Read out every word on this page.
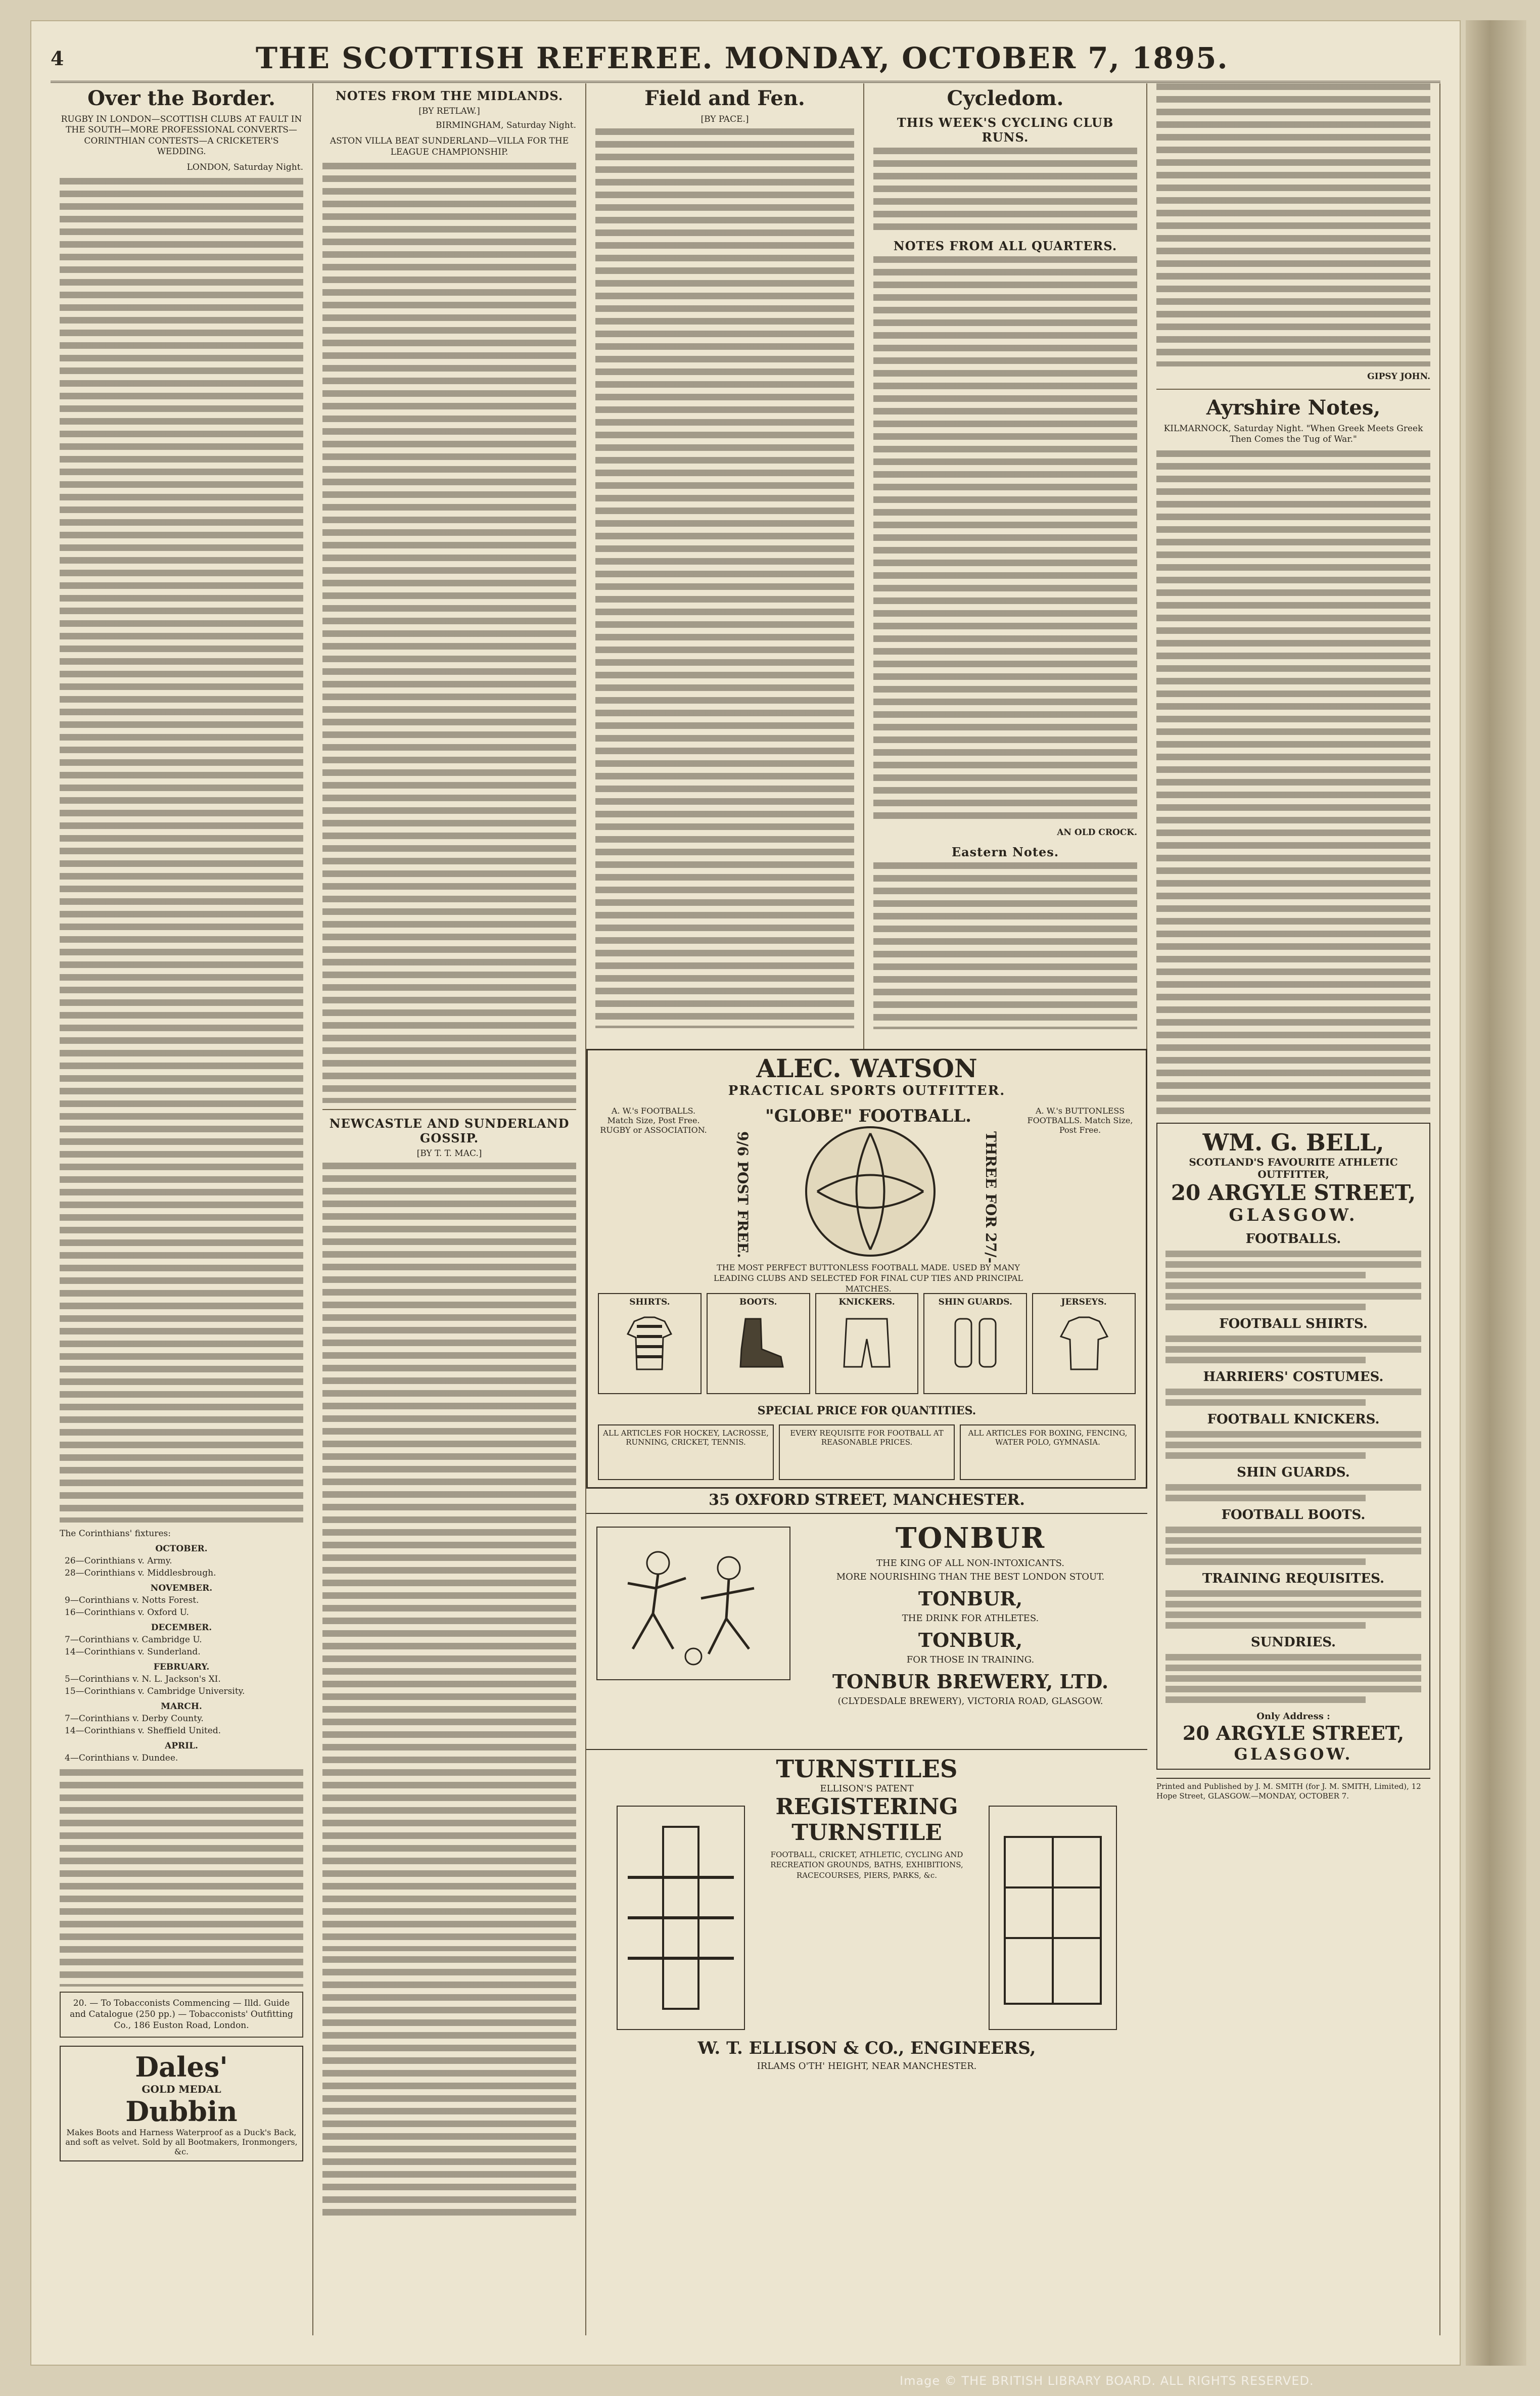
4	THE SCOTTISH REFEREE. MONDAY, OCTOBER 7, 1895.
Over the Border.
RUGBY IN LONDON—SCOTTISH CLUBS AT FAULT IN THE SOUTH—MORE PROFESSIONAL CONVERTS—CORINTHIAN CONTESTS—A CRICKETER'S WEDDING.
LONDON, Saturday Night.
The Corinthians' fixtures:
OCTOBER.
26—Corinthians v. Army.
28—Corinthians v. Middlesbrough.
NOVEMBER.
9—Corinthians v. Notts Forest.
16—Corinthians v. Oxford U.
DECEMBER.
7—Corinthians v. Cambridge U.
14—Corinthians v. Sunderland.
FEBRUARY.
5—Corinthians v. N. L. Jackson's XI.
15—Corinthians v. Cambridge University.
MARCH.
7—Corinthians v. Derby County.
14—Corinthians v. Sheffield United.
APRIL.
4—Corinthians v. Dundee.
20. — To Tobacconists Commencing — Illd. Guide and Catalogue (250 pp.) — Tobacconists' Outfitting Co., 186 Euston Road, London.
Dales'
GOLD MEDAL
Dubbin
Makes Boots and Harness Waterproof as a Duck's Back, and soft as velvet. Sold by all Bootmakers, Ironmongers, &c.
NOTES FROM THE MIDLANDS.
[BY RETLAW.]
BIRMINGHAM, Saturday Night.
ASTON VILLA BEAT SUNDERLAND—VILLA FOR THE LEAGUE CHAMPIONSHIP.
NEWCASTLE AND SUNDERLAND GOSSIP.
[BY T. T. MAC.]
Field and Fen.
[BY PACE.]
Cycledom.
THIS WEEK'S CYCLING CLUB RUNS.
NOTES FROM ALL QUARTERS.
AN OLD CROCK.
Eastern Notes.
GIPSY JOHN.
Ayrshire Notes,
KILMARNOCK, Saturday Night. "When Greek Meets Greek Then Comes the Tug of War."
WM. G. BELL,
SCOTLAND'S FAVOURITE ATHLETIC OUTFITTER,
20 ARGYLE STREET,
GLASGOW.
FOOTBALLS.
FOOTBALL SHIRTS.
HARRIERS' COSTUMES.
FOOTBALL KNICKERS.
SHIN GUARDS.
FOOTBALL BOOTS.
TRAINING REQUISITES.
SUNDRIES.
Only Address :
20 ARGYLE STREET,
GLASGOW.
Printed and Published by J. M. SMITH (for J. M. SMITH, Limited), 12 Hope Street, GLASGOW.—MONDAY, OCTOBER 7.
ALEC. WATSON
PRACTICAL SPORTS OUTFITTER.
"GLOBE" FOOTBALL.
A. W.'s FOOTBALLS. Match Size, Post Free. RUGBY or ASSOCIATION.
A. W.'s BUTTONLESS FOOTBALLS. Match Size, Post Free.
9/6 POST FREE.	THREE FOR 27/-
THE MOST PERFECT BUTTONLESS FOOTBALL MADE. USED BY MANY LEADING CLUBS AND SELECTED FOR FINAL CUP TIES AND PRINCIPAL MATCHES.
SHIRTS.	BOOTS.	KNICKERS.	SHIN GUARDS.	JERSEYS.
SPECIAL PRICE FOR QUANTITIES.
ALL ARTICLES FOR HOCKEY, LACROSSE, RUNNING, CRICKET, TENNIS.
EVERY REQUISITE FOR FOOTBALL AT REASONABLE PRICES.
ALL ARTICLES FOR BOXING, FENCING, WATER POLO, GYMNASIA.
35 OXFORD STREET, MANCHESTER.
TONBUR
THE KING OF ALL NON-INTOXICANTS.
MORE NOURISHING THAN THE BEST LONDON STOUT.
TONBUR,
THE DRINK FOR ATHLETES.
TONBUR,
FOR THOSE IN TRAINING.
TONBUR BREWERY, LTD.
(CLYDESDALE BREWERY), VICTORIA ROAD, GLASGOW.
TURNSTILES
ELLISON'S PATENT
REGISTERING TURNSTILE
FOOTBALL, CRICKET, ATHLETIC, CYCLING AND RECREATION GROUNDS, BATHS, EXHIBITIONS, RACECOURSES, PIERS, PARKS, &c.
W. T. ELLISON & CO., ENGINEERS,
IRLAMS O'TH' HEIGHT, NEAR MANCHESTER.
Image © THE BRITISH LIBRARY BOARD. ALL RIGHTS RESERVED.
